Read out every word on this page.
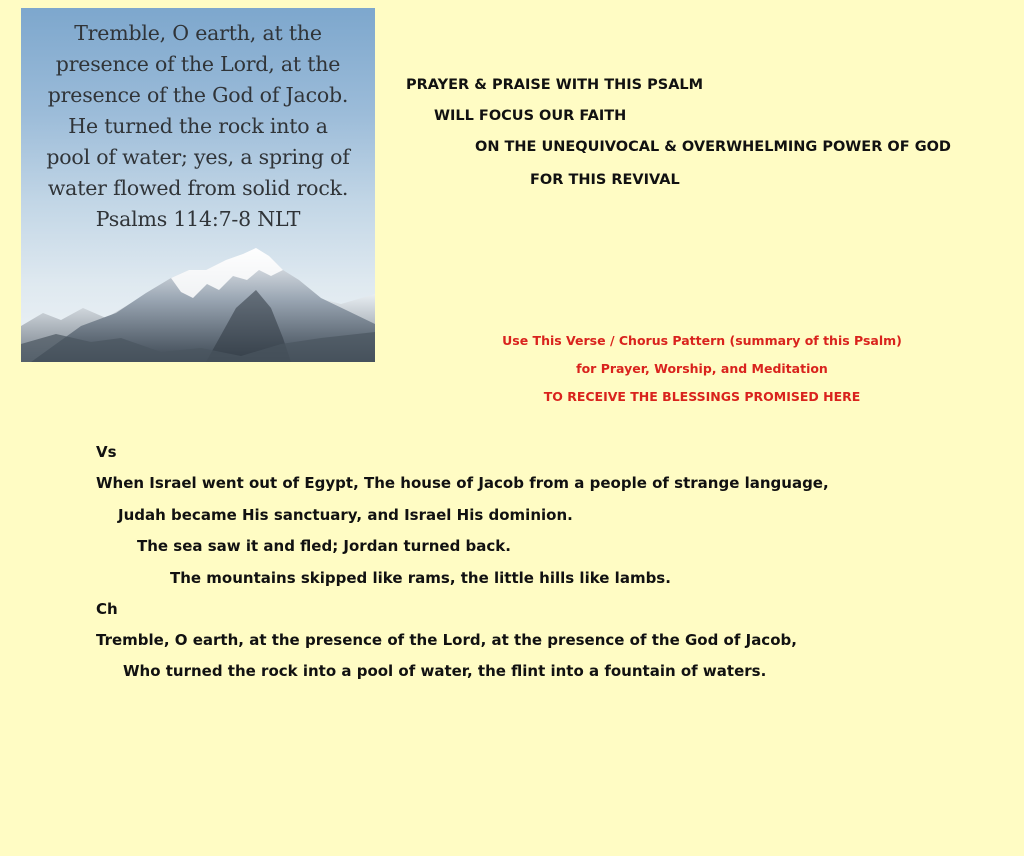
Tremble, O earth, at the
presence of the Lord, at the
presence of the God of Jacob.
He turned the rock into a
pool of water; yes, a spring of
water flowed from solid rock.
Psalms 114:7-8 NLT
PRAYER & PRAISE WITH THIS PSALM
WILL FOCUS OUR FAITH
ON THE UNEQUIVOCAL & OVERWHELMING POWER OF GOD
FOR THIS REVIVAL
Use This Verse / Chorus Pattern (summary of this Psalm)
for Prayer, Worship, and Meditation
TO RECEIVE THE BLESSINGS PROMISED HERE
Vs
When Israel went out of Egypt, The house of Jacob from a people of strange language,
Judah became His sanctuary, and Israel His dominion.
The sea saw it and fled; Jordan turned back.
The mountains skipped like rams, the little hills like lambs.
Ch
Tremble, O earth, at the presence of the Lord, at the presence of the God of Jacob,
Who turned the rock into a pool of water, the flint into a fountain of waters.
